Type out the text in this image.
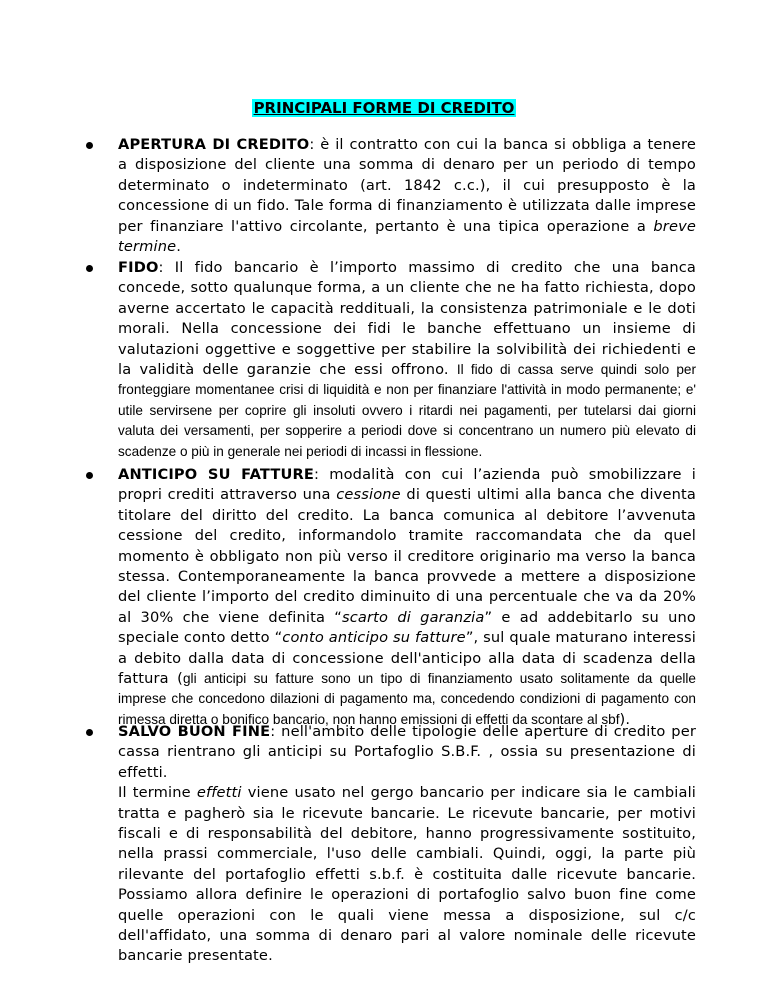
PRINCIPALI FORME DI CREDITO

APERTURA DI CREDITO: è il contratto con cui la banca si obbliga a tenere a disposizione del cliente una somma di denaro per un periodo di tempo determinato o indeterminato (art. 1842 c.c.), il cui presupposto è la concessione di un fido. Tale forma di finanziamento è utilizzata dalle imprese per finanziare l'attivo circolante, pertanto è una tipica operazione a breve termine.

FIDO: Il fido bancario è l’importo massimo di credito che una banca concede, sotto qualunque forma, a un cliente che ne ha fatto richiesta, dopo averne accertato le capacità reddituali, la consistenza patrimoniale e le doti morali. Nella concessione dei fidi le banche effettuano un insieme di valutazioni oggettive e soggettive per stabilire la solvibilità dei richiedenti e la validità delle garanzie che essi offrono. Il fido di cassa serve quindi solo per fronteggiare momentanee crisi di liquidità e non per finanziare l'attività in modo permanente; e' utile servirsene per coprire gli insoluti ovvero i ritardi nei pagamenti, per tutelarsi dai giorni valuta dei versamenti, per sopperire a periodi dove si concentrano un numero più elevato di scadenze o più in generale nei periodi di incassi in flessione.

ANTICIPO SU FATTURE: modalità con cui l’azienda può smobilizzare i propri crediti attraverso una cessione di questi ultimi alla banca che diventa titolare del diritto del credito. La banca comunica al debitore l’avvenuta cessione del credito, informandolo tramite raccomandata che da quel momento è obbligato non più verso il creditore originario ma verso la banca stessa. Contemporaneamente la banca provvede a mettere a disposizione del cliente l’importo del credito diminuito di una percentuale che va da 20% al 30% che viene definita “scarto di garanzia” e ad addebitarlo su uno speciale conto detto “conto anticipo su fatture”, sul quale maturano interessi a debito dalla data di concessione dell'anticipo alla data di scadenza della fattura (gli anticipi su fatture sono un tipo di finanziamento usato solitamente da quelle imprese che concedono dilazioni di pagamento ma, concedendo condizioni di pagamento con rimessa diretta o bonifico bancario, non hanno emissioni di effetti da scontare al sbf).

SALVO BUON FINE: nell'ambito delle tipologie delle aperture di credito per cassa rientrano gli anticipi su Portafoglio S.B.F. , ossia su presentazione di effetti.

Il termine effetti viene usato nel gergo bancario per indicare sia le cambiali tratta e pagherò sia le ricevute bancarie. Le ricevute bancarie, per motivi fiscali e di responsabilità del debitore, hanno progressivamente sostituito, nella prassi commerciale, l'uso delle cambiali. Quindi, oggi, la parte più rilevante del portafoglio effetti s.b.f. è costituita dalle ricevute bancarie. Possiamo allora definire le operazioni di portafoglio salvo buon fine come quelle operazioni con le quali viene messa a disposizione, sul c/c dell'affidato, una somma di denaro pari al valore nominale delle ricevute bancarie presentate.
